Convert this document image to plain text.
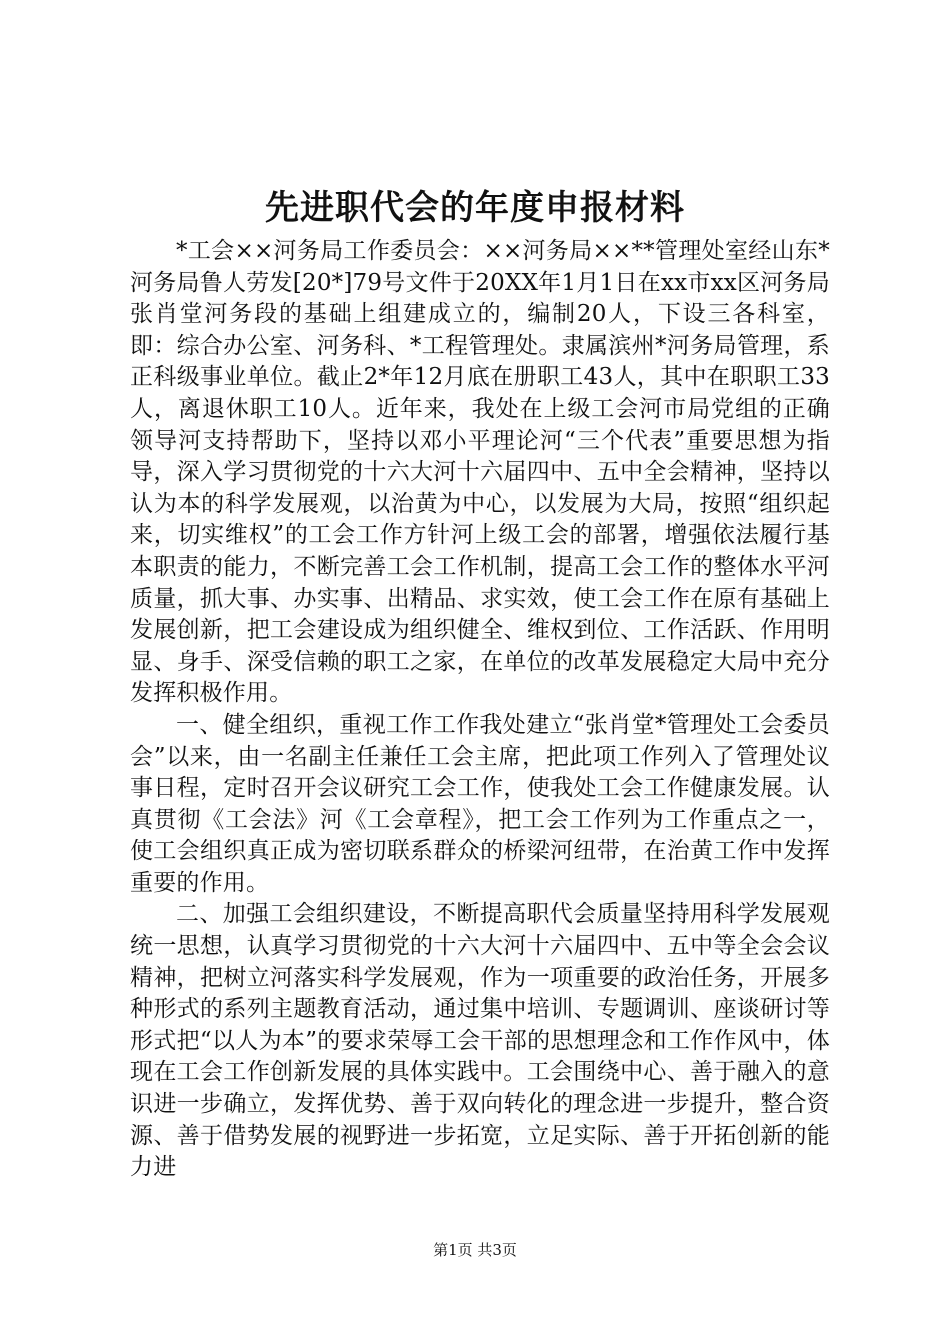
先进职代会的年度申报材料

*工会××河务局工作委员会：××河务局××**管理处室经山东*河务局鲁人劳发[20*]79号文件于20XX年1月1日在xx市xx区河务局张肖堂河务段的基础上组建成立的，编制20人，下设三各科室，即：综合办公室、河务科、*工程管理处。隶属滨州*河务局管理，系正科级事业单位。截止2*年12月底在册职工43人，其中在职职工33人，离退休职工10人。近年来，我处在上级工会河市局党组的正确领导河支持帮助下，坚持以邓小平理论河“三个代表”重要思想为指导，深入学习贯彻党的十六大河十六届四中、五中全会精神，坚持以认为本的科学发展观，以治黄为中心，以发展为大局，按照“组织起来，切实维权”的工会工作方针河上级工会的部署，增强依法履行基本职责的能力，不断完善工会工作机制，提高工会工作的整体水平河质量，抓大事、办实事、出精品、求实效，使工会工作在原有基础上发展创新，把工会建设成为组织健全、维权到位、工作活跃、作用明显、身手、深受信赖的职工之家，在单位的改革发展稳定大局中充分发挥积极作用。

一、健全组织，重视工作工作我处建立“张肖堂*管理处工会委员会”以来，由一名副主任兼任工会主席，把此项工作列入了管理处议事日程，定时召开会议研究工会工作，使我处工会工作健康发展。认真贯彻《工会法》河《工会章程》，把工会工作列为工作重点之一，使工会组织真正成为密切联系群众的桥梁河纽带，在治黄工作中发挥重要的作用。

二、加强工会组织建设，不断提高职代会质量坚持用科学发展观统一思想，认真学习贯彻党的十六大河十六届四中、五中等全会会议精神，把树立河落实科学发展观，作为一项重要的政治任务，开展多种形式的系列主题教育活动，通过集中培训、专题调训、座谈研讨等形式把“以人为本”的要求荣辱工会干部的思想理念和工作作风中，体现在工会工作创新发展的具体实践中。工会围绕中心、善于融入的意识进一步确立，发挥优势、善于双向转化的理念进一步提升，整合资源、善于借势发展的视野进一步拓宽，立足实际、善于开拓创新的能力进

第1页 共3页
